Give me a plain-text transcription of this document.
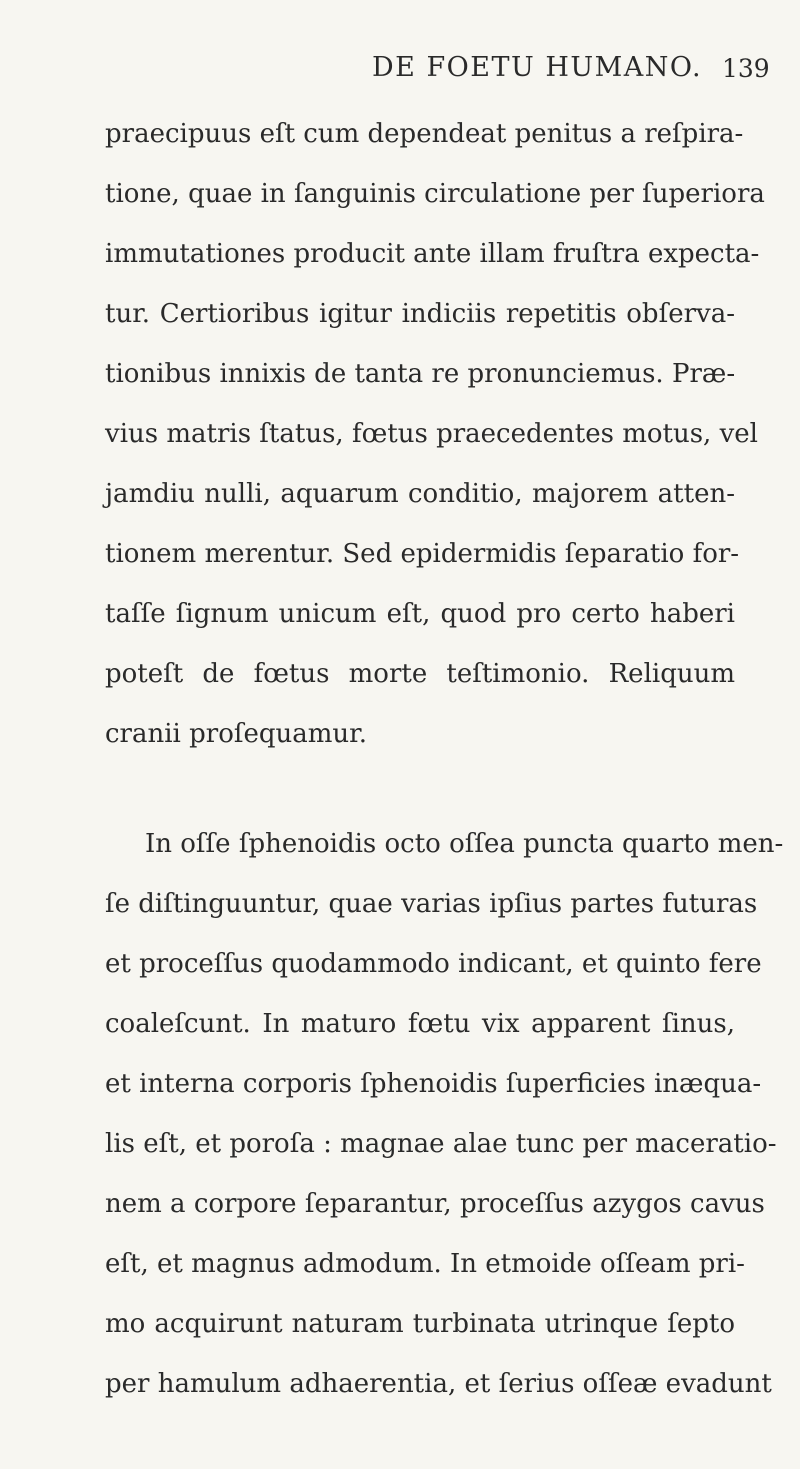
DE FOETU HUMANO. 139
praecipuus eſt cum dependeat penitus a reſpira-
tione, quae in ſanguinis circulatione per ſuperiora
immutationes producit ante illam fruſtra expecta-
tur. Certioribus igitur indiciis repetitis obſerva-
tionibus innixis de tanta re pronunciemus. Præ-
vius matris ſtatus, fœtus praecedentes motus, vel
jamdiu nulli, aquarum conditio, majorem atten-
tionem merentur. Sed epidermidis ſeparatio for-
taſſe ſignum unicum eſt, quod pro certo haberi
poteſt de fœtus morte teſtimonio. Reliquum
cranii proſequamur.
In oſſe ſphenoidis octo oſſea puncta quarto men-
ſe diſtinguuntur, quae varias ipſius partes futuras
et proceſſus quodammodo indicant, et quinto fere
coaleſcunt. In maturo fœtu vix apparent ſinus,
et interna corporis ſphenoidis ſuperficies inæqua-
lis eſt, et poroſa : magnae alae tunc per maceratio-
nem a corpore ſeparantur, proceſſus azygos cavus
eſt, et magnus admodum. In etmoide oſſeam pri-
mo acquirunt naturam turbinata utrinque ſepto
per hamulum adhaerentia, et ſerius oſſeæ evadunt
